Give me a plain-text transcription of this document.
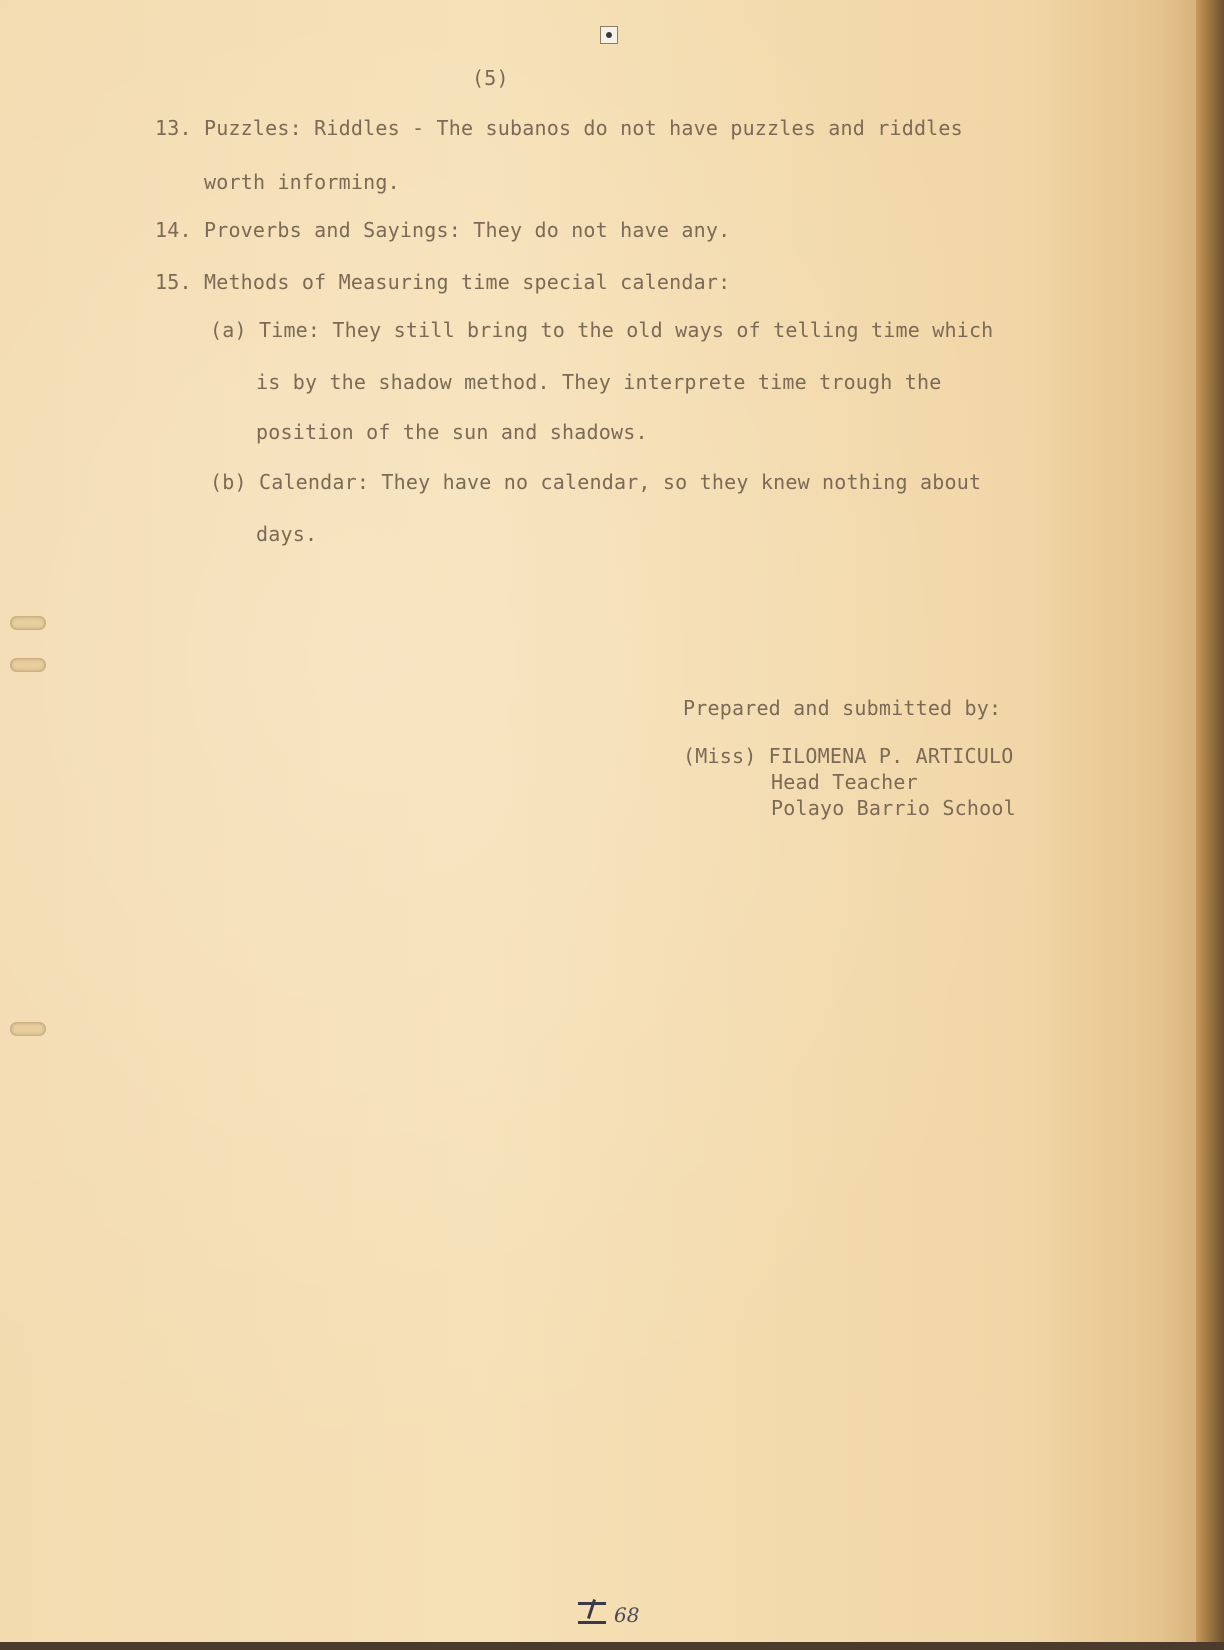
(5)
13. Puzzles: Riddles - The subanos do not have puzzles and riddles
worth informing.
14. Proverbs and Sayings: They do not have any.
15. Methods of Measuring time special calendar:
(a) Time: They still bring to the old ways of telling time which
is by the shadow method. They interprete time trough the
position of the sun and shadows.
(b) Calendar: They have no calendar, so they knew nothing about
days.
Prepared and submitted by:
(Miss) FILOMENA P. ARTICULO
Head Teacher
Polayo Barrio School
68
